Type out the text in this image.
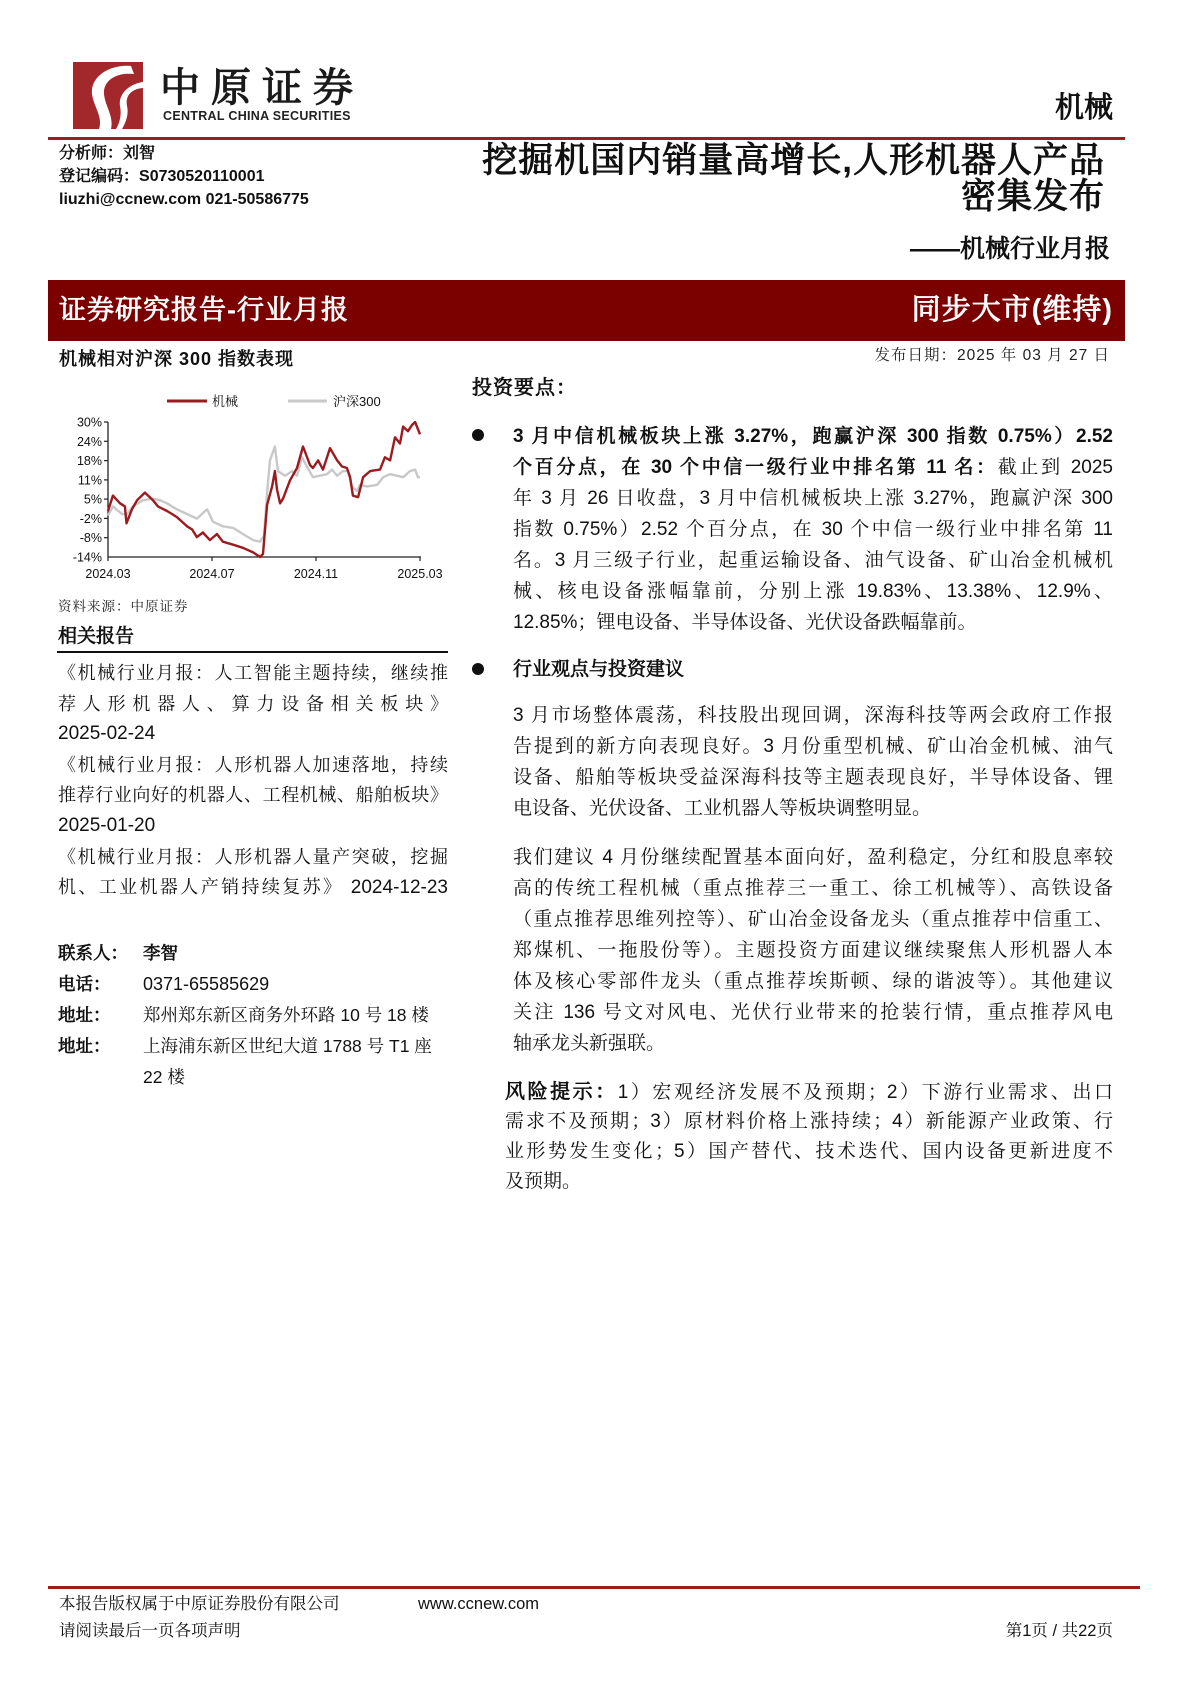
中原证券
CENTRAL CHINA SECURITIES	机械
分析师：刘智
登记编码：S0730520110001
liuzhi@ccnew.com 021-50586775
挖掘机国内销量高增长,人形机器人产品
密集发布
——机械行业月报
证券研究报告-行业月报	同步大市(维持)
机械相对沪深 300 指数表现
机械	沪深300
30%
24%
18%
11%
5%
-2%
-8%
-14%
2024.03	2024.07	2024.11	2025.03
资料来源：中原证券
相关报告
《机械行业月报：人工智能主题持续，继续推
荐人形机器人、算力设备相关板块》
2025-02-24
《机械行业月报：人形机器人加速落地，持续
推荐行业向好的机器人、工程机械、船舶板块》
2025-01-20
《机械行业月报：人形机器人量产突破，挖掘
机、工业机器人产销持续复苏》 2024-12-23
联系人： 李智
电话：	0371-65585629
地址：	郑州郑东新区商务外环路 10 号 18 楼
地址：	上海浦东新区世纪大道 1788 号 T1 座
22 楼
发布日期：2025 年 03 月 27 日
投资要点：
3 月中信机械板块上涨 3.27%，跑赢沪深 300 指数 0.75%）2.52
个百分点，在 30 个中信一级行业中排名第 11 名：截止到 2025
年 3 月 26 日收盘，3 月中信机械板块上涨 3.27%，跑赢沪深 300
指数 0.75%）2.52 个百分点，在 30 个中信一级行业中排名第 11
名。3 月三级子行业，起重运输设备、油气设备、矿山冶金机械机
械、核电设备涨幅靠前，分别上涨 19.83%、13.38%、12.9%、
12.85%；锂电设备、半导体设备、光伏设备跌幅靠前。
行业观点与投资建议
3 月市场整体震荡，科技股出现回调，深海科技等两会政府工作报
告提到的新方向表现良好。3 月份重型机械、矿山冶金机械、油气
设备、船舶等板块受益深海科技等主题表现良好，半导体设备、锂
电设备、光伏设备、工业机器人等板块调整明显。
我们建议 4 月份继续配置基本面向好，盈利稳定，分红和股息率较
高的传统工程机械（重点推荐三一重工、徐工机械等）、高铁设备
（重点推荐思维列控等）、矿山冶金设备龙头（重点推荐中信重工、
郑煤机、一拖股份等）。主题投资方面建议继续聚焦人形机器人本
体及核心零部件龙头（重点推荐埃斯顿、绿的谐波等）。其他建议
关注 136 号文对风电、光伏行业带来的抢装行情，重点推荐风电
轴承龙头新强联。
风险提示：1）宏观经济发展不及预期；2）下游行业需求、出口
需求不及预期；3）原材料价格上涨持续；4）新能源产业政策、行
业形势发生变化；5）国产替代、技术迭代、国内设备更新进度不
及预期。
本报告版权属于中原证券股份有限公司	www.ccnew.com
请阅读最后一页各项声明	第1页 / 共22页
